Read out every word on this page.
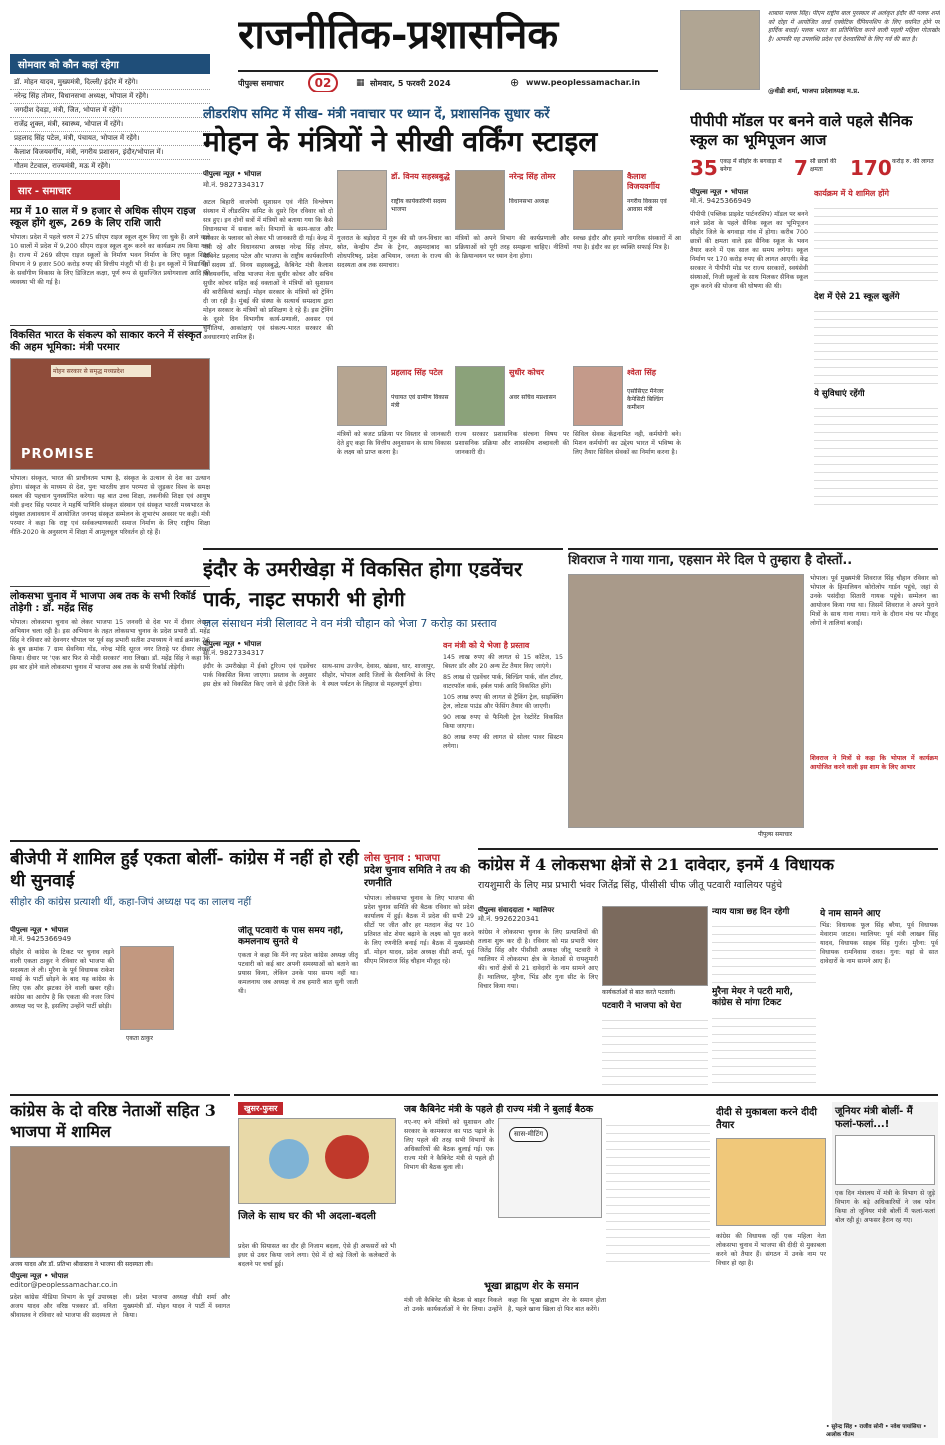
राजनीतिक-प्रशासनिक
पीपुल्स समाचार	02	▦ सोमवार, 5 फरवरी 2024	⊕ www.peoplessamachar.in
शाबास पलक सिंह। पीएम राष्ट्रीय बाल पुरस्कार से अलंकृत इंदौर की पलक शर्मा को दोहा में आयोजित वर्ल्ड एक्वेटिक चैंपियनशिप के लिए चयनित होने पर हार्दिक बधाई। पलक भारत का प्रतिनिधित्व करने वाली पहली महिला गोताखोर है। आपकी यह उपलब्धि प्रदेश एवं देशवासियों के लिए गर्व की बात है।
@वीडी शर्मा, भाजपा प्रदेशाध्यक्ष म.प्र.
सोमवार को कौन कहां रहेगा
डॉ. मोहन यादव, मुख्यमंत्री, दिल्ली/ इंदौर में रहेंगे।
नरेन्द्र सिंह तोमर, विधानसभा अध्यक्ष, भोपाल में रहेंगे।
जगदीश देवड़ा, मंत्री, जित, भोपाल में रहेंगे।
राजेंद्र शुक्ल, मंत्री, स्वास्थ्य, भोपाल में रहेंगे।
प्रहलाद सिंह पटेल, मंत्री, पंचायत, भोपाल में रहेंगे।
कैलाश विजयवर्गीय, मंत्री, नगरीय प्रशासन, इंदौर/भोपाल में।
गौतम टेटवाल, राज्यमंत्री, मऊ में रहेंगे।
सार - समाचार
मप्र में 10 साल में 9 हजार से अधिक सीएम राइज स्कूल होंगे शुरू, 269 के लिए राशि जारी
भोपाल। प्रदेश में पहले चरण में 275 सीएम राइज स्कूल शुरू किए जा चुके हैं। आने वाले 10 सालों में प्रदेश में 9,200 सीएम राइज स्कूल शुरू करने का कार्यक्रम तय किया गया है। राज्य में 269 सीएम राइज स्कूलों के निर्माण भवन निर्माण के लिए स्कूल शिक्षा विभाग ने 9 हजार 500 करोड़ रुपए की वित्तीय मंजूरी भी दी है। इन स्कूलों में विद्यार्थियों के सर्वांगीण विकास के लिए डिजिटल कक्षा, पूर्ण रूप से सुसज्जित प्रयोगशाला आदि की व्यवस्था भी की गई है।
विकसित भारत के संकल्प को साकार करने में संस्कृत की अहम भूमिका: मंत्री परमार
मोहन सरकार से समृद्ध मध्यप्रदेश
PROMISE
भोपाल। संस्कृत, भारत की प्राचीनतम भाषा है, संस्कृत के उत्थान से देश का उत्थान होगा। संस्कृत के माध्यम से देश, पुनः भारतीय ज्ञान परम्परा से जुड़कर विश्व के समक्ष सबल की पहचान पुनर्स्थापित करेगा। यह बात उच्च शिक्षा, तकनीकी शिक्षा एवं आयुष मंत्री इन्दर सिंह परमार ने महर्षि पाणिनि संस्कृत संस्थान एवं संस्कृत भारती मध्यभारत के संयुक्त तत्वावधान में आयोजित जनपद संस्कृत सम्मेलन के शुभारंभ अवसर पर कही। मंत्री परमार ने कहा कि राष्ट्र एवं सर्वकल्याणकारी समाज निर्माण के लिए राष्ट्रीय शिक्षा नीति-2020 के अनुसरण में शिक्षा में आमूलचूल परिवर्तन हो रहे हैं।
लोकसभा चुनाव में भाजपा अब तक के सभी रिकॉर्ड तोड़ेगी : डॉ. महेंद्र सिंह
भोपाल। लोकसभा चुनाव को लेकर भाजपा 15 जनवरी से देश भर में दीवार लेखन अभियान चला रही है। इस अभियान के तहत लोकसभा चुनाव के प्रदेश प्रभारी डॉ. महेंद्र सिंह ने रविवार को देवनगर चौपाल पर पूर्व सह प्रभारी सतीश उपाध्याय ने वार्ड क्रमांक 26 के बूथ क्रमांक 7 ग्राम सेवनिया गोंड, नरेन्द्र मोदि सूरज नगर तिराहे पर दीवार लेखन किया। दीवार पर 'एक बार फिर से मोदी सरकार' नारा लिखा। डॉ. महेंद्र सिंह ने कहा कि इस बार होने वाले लोकसभा चुनाव में भाजपा अब तक के सभी रिकॉर्ड तोड़ेगी।
लीडरशिप समिट में सीख- मंत्री नवाचार पर ध्यान दें, प्रशासनिक सुधार करें
मोहन के मंत्रियों ने सीखी वर्किंग स्टाइल
पीपुल्स न्यूज़ • भोपाल
मो.नं. 9827334317
अटल बिहारी वाजपेयी सुशासन एवं नीति विश्लेषण संस्थान में लीडरशिप समिट के दूसरे दिन रविवार को दो सत्र हुए। इन दोनों सत्रों में मंत्रियों को बताया गया कि कैसे विधानसभा में सवाल करें। विभागों के काम-काज और सरकार के फ्लावर को लेकर भी जानकारी दी गई। केन्द्र में मंत्री रहे और विधानसभा अध्यक्ष नरेन्द्र सिंह तोमर, कैबिनेट प्रहलाद पटेल और भाजपा के राष्ट्रीय कार्यकारिणी के सदस्य डॉ. विनय सहस्त्रबुद्धे, कैबिनेट मंत्री कैलाश विजयवर्गीय, वरिष्ठ भाजपा नेता सुधीर कोचर और सचिव सुधीर कोचर सहित कई वक्ताओं ने मंत्रियों को सुशासन की बारीकियां बताईं। मोहन सरकार के मंत्रियों को ट्रेनिंग दी जा रही है। मुंबई की संस्था के सत्यार्थ सम्प्रदाय द्वारा मोहन सरकार के मंत्रियों को प्रशिक्षण दे रहे हैं। इस ट्रेनिंग के दूसरे दिन विभागीय कार्य-प्रणाली, अवसर एवं चुनौतियां, आकांक्षाएं एवं संकल्प-भारत सरकार की अवधारणाएं शामिल हैं।
डॉ. विनय सहस्त्रबुद्धे
राष्ट्रीय कार्यकारिणी सदस्य भाजपा
गुजरात के बड़ोदरा में गुरू की सौ जन-विचार का स्रोत, केन्द्रीय टीम के ट्रेनर, अहमदाबाद का शोधपरिषद्, प्रदेश अभियान, जनता के राज्य की सदस्यता अब तक समाचार।
नरेन्द्र सिंह तोमर
विधानसभा अध्यक्ष
मंत्रियों को अपने विभाग की कार्यप्रणाली और प्रक्रियाओं को पूरी तरह समझना चाहिए। नीतियों के क्रियान्वयन पर ध्यान देना होगा।
कैलाश विजयवर्गीय
नगरीय विकास एवं आवास मंत्री
स्वच्छ इंदौर और हमारे नागरिक संस्कारों में आ गया है। इंदौर का हर व्यक्ति सफाई मित्र है।
प्रहलाद सिंह पटेल
पंचायत एवं ग्रामीण विकास मंत्री
मंत्रियों को बजट प्रक्रिया पर विस्तार से जानकारी देते हुए कहा कि वित्तीय अनुशासन के साथ विकास के लक्ष्य को प्राप्त करना है।
सुधीर कोचर
अवर सचिव मप्रशासन
राज्य सरकार प्रशासनिक संरचना विषय पर प्रशासनिक प्रक्रिया और शासकीय शब्दावली की जानकारी दी।
श्वेता सिंह
एसोसिएट मैनेजर कैपेसिटी बिल्डिंग कमीशन
सिविल सेवक केंद्रनामित नही, कर्मयोगी बने। मिशन कर्मयोगी का उद्देश्य भारत में भविष्य के लिए तैयार सिविल सेवकों का निर्माण करना है।
पीपीपी मॉडल पर बनने वाले पहले सैनिक स्कूल का भूमिपूजन आज
35 एकड़ में सीहोर के बगवाड़ा में बनेगा	7 सौ छात्रों की क्षमता	170 करोड़ रु. की लागत
पीपुल्स न्यूज़ • भोपाल
मो.नं. 9425366949
पीपीपी (पब्लिक प्राइवेट पार्टनरशिप) मॉडल पर बनने वाले प्रदेश के पहले सैनिक स्कूल का भूमिपूजन सीहोर जिले के बगवाड़ा गांव में होगा। करीब 700 छात्रों की क्षमता वाले इस सैनिक स्कूल के भवन तैयार करने में एक साल का समय लगेगा। स्कूल निर्माण पर 170 करोड़ रुपए की लागत आएगी। केंद्र सरकार ने पीपीपी मोड पर राज्य सरकारों, स्वयंसेवी संस्थाओं, निजी स्कूलों के साथ मिलकर सैनिक स्कूल शुरू करने की योजना की घोषणा की थी।
कार्यक्रम में ये शामिल होंगे
देश में ऐसे 21 स्कूल खुलेंगे
ये सुविधाएं रहेंगी
इंदौर के उमरीखेड़ा में विकसित होगा एडवेंचर पार्क, नाइट सफारी भी होगी
जल संसाधन मंत्री सिलावट ने वन मंत्री चौहान को भेजा 7 करोड़ का प्रस्ताव
पीपुल्स न्यूज़ • भोपाल
मो.नं. 9827334317
इंदौर के उमरीखेड़ा में ईको टूरिज्म एवं एडवेंचर पार्क विकसित किया जाएगा। प्रस्ताव के अनुसार इस क्षेत्र को विकसित किए जाने से इंदौर जिले के साथ-साथ उज्जैन, देवास, खंडवा, धार, शाजापुर, सीहोर, भोपाल आदि जिलों के सैलानियों के लिए ये स्थल पर्यटन के लिहाज से महत्वपूर्ण होगा।
वन मंत्री को ये भेजा है प्रस्ताव
145 लाख रुपए की लागत से 15 कॉटेज, 15 बिस्तर डॉर और 20 अन्य टेंट तैयार किए जाएंगे।
85 लाख से एडवेंचर पार्क, बिल्डिंग पार्क, वॉल टॉवर, वाटरफॉल वार्क, हर्बल पार्क आदि विकसित होंगे।
105 लाख रुपए की लागत से ट्रैकिंग ट्रेल, साइक्लिंग ट्रेल, लोटस पाउंड और फेंसिंग तैयार की जाएगी।
90 लाख रुपए से फैमिली ट्रेल रेस्टोरेंट विकसित किया जाएगा।
80 लाख रुपए की लागत से सोलर पावर सिस्टम लगेगा।
शिवराज ने गाया गाना, एहसान मेरे दिल पे तुम्हारा है दोस्तों..
पीपुल्स समाचार
भोपाल। पूर्व मुख्यमंत्री शिवराज सिंह चौहान रविवार को भोपाल के हिमालियन कोरोलोप गार्डन पहुंचे, जहां से उनके पसंदीदा सितारी गायक पहुंचे। सम्मेलन का आयोजन किया गया था। जिसमें शिवराज ने अपने पुराने मित्रों के साथ गाना गाया। गाने के दौरान मंच पर मौजूद लोगों ने तालियां बजाईं।
शिवराज ने मित्रों से कहा कि भोपाल में कार्यक्रम आयोजित करने वाली इस शाम के लिए आभार
बीजेपी में शामिल हुईं एकता बोर्ली- कांग्रेस में नहीं हो रही थी सुनवाई
सीहोर की कांग्रेस प्रत्याशी थीं, कहा-जिपं अध्यक्ष पद का लालच नहीं
पीपुल्स न्यूज़ • भोपाल
मो.नं. 9425366949
एकता ठाकुर
सीहोर से कांग्रेस के टिकट पर चुनाव लड़ने वाली एकता ठाकुर ने रविवार को भाजपा की सदस्यता ले ली। मुरैना के पूर्व विधायक राकेश मावई के पार्टी छोड़ने के बाद यह कांग्रेस के लिए एक और झटका देने वाली खबर रही। कांग्रेस का आरोप है कि एकता की नजर जिपं अध्यक्ष पद पर है, इसलिए उन्होंने पार्टी छोड़ी।
जीतू पटवारी के पास समय नहीं, कमलनाथ सुनते थे
एकता ने कहा कि मैंने नए प्रदेश कांग्रेस अध्यक्ष जीतू पटवारी को कई बार अपनी समस्याओं को बताने का प्रयास किया, लेकिन उनके पास समय नहीं था। कमलनाथ जब अध्यक्ष थे तब हमारी बात सुनी जाती थी।
लोस चुनाव : भाजपा
प्रदेश चुनाव समिति ने तय की रणनीति
भोपाल। लोकसभा चुनाव के लिए भाजपा की प्रदेश चुनाव समिति की बैठक रविवार को प्रदेश कार्यालय में हुई। बैठक में प्रदेश की सभी 29 सीटों पर जीत और हर मतदान केंद्र पर 10 प्रतिशत वोट शेयर बढ़ाने के लक्ष्य को पूरा करने के लिए रणनीति बनाई गई। बैठक में मुख्यमंत्री डॉ. मोहन यादव, प्रदेश अध्यक्ष वीडी शर्मा, पूर्व सीएम शिवराज सिंह चौहान मौजूद रहे।
कांग्रेस में 4 लोकसभा क्षेत्रों से 21 दावेदार, इनमें 4 विधायक
रायशुमारी के लिए मप्र प्रभारी भंवर जितेंद्र सिंह, पीसीसी चीफ जीतू पटवारी ग्वालियर पहुंचे
पीपुल्स संवाददाता • ग्वालियर
मो.नं. 9926220341
कांग्रेस ने लोकसभा चुनाव के लिए प्रत्याशियों की तलाश शुरू कर दी है। रविवार को मप्र प्रभारी भंवर जितेंद्र सिंह और पीसीसी अध्यक्ष जीतू पटवारी ने ग्वालियर में लोकसभा क्षेत्र के नेताओं से रायशुमारी की। चारों क्षेत्रों से 21 दावेदारों के नाम सामने आए हैं। ग्वालियर, मुरैना, भिंड और गुना सीट के लिए विचार किया गया।
कार्यकर्ताओं से बात करते पटवारी।
पटवारी ने भाजपा को घेरा
न्याय यात्रा छह दिन रहेगी
मुरैना मेयर ने पटरी मारी, कांग्रेस से मांगा टिकट
ये नाम सामने आए
भिंड: विधायक फूल सिंह बरैया, पूर्व विधायक मेवाराम जाटव। ग्वालियर: पूर्व मंत्री लाखन सिंह यादव, विधायक साहब सिंह गुर्जर। मुरैना: पूर्व विधायक रामनिवास रावत। गुना: यहां से सात दावेदारों के नाम सामने आए हैं।
कांग्रेस के दो वरिष्ठ नेताओं सहित 3 भाजपा में शामिल
अजय यादव और डॉ. प्रतिभा श्रीवास्तव ने भाजपा की सदस्यता ली।
पीपुल्स न्यूज़ • भोपाल
editor@peoplessamachar.co.in
प्रदेश कांग्रेस मीडिया विभाग के पूर्व उपाध्यक्ष अजय यादव और वरिष्ठ पत्रकार डॉ. वनिता श्रीवास्तव ने रविवार को भाजपा की सदस्यता ले ली। प्रदेश भाजपा अध्यक्ष वीडी शर्मा और मुख्यमंत्री डॉ. मोहन यादव ने पार्टी में स्वागत किया।
खुसर-फुसर
जिले के साथ घर की भी अदला-बदली
प्रदेश की सियासत का दौर ही निजाम बदला, ऐसे ही अफसरों को भी इधर से उधर किया जाने लगा। ऐसे में दो बड़े जिलों के कलेक्टरों के बदलने पर चर्चा हुई।
जब कैबिनेट मंत्री के पहले ही राज्य मंत्री ने बुलाई बैठक
नए-नए बने मंत्रियों को सुशासन और सरकार के कामकाज का पाठ पढ़ाने के लिए पहले की तरह सभी विभागों के अधिकारियों की बैठक बुलाई गई। एक राज्य मंत्री ने कैबिनेट मंत्री से पहले ही विभाग की बैठक बुला ली।
सास-मीटिंग
भूखा ब्राह्मण शेर के समान
मंत्री जी कैबिनेट की बैठक से बाहर निकले तो उनके कार्यकर्ताओं ने घेर लिया। उन्होंने कहा कि भूखा ब्राह्मण शेर के समान होता है, पहले खाना खिला दो फिर बात करेंगे।
दीदी से मुकाबला करने दीदी तैयार
कांग्रेस की विधायक रहीं एक महिला नेता लोकसभा चुनाव में भाजपा की दीदी से मुकाबला करने को तैयार हैं। संगठन में उनके नाम पर विचार हो रहा है।
जूनियर मंत्री बोलीं- मैं फलां-फलां...!
एक दिन मंत्रालय में मंत्री के विभाग से जुड़े विभाग के बड़े अधिकारियों ने जब फोन किया तो जूनियर मंत्री बोलीं मैं फलां-फलां बोल रही हूं। अफसर हैरान रह गए।
• सुरेन्द्र सिंह • राजीव सोनी • नवेश पायांसिया • आलोक गौतम
